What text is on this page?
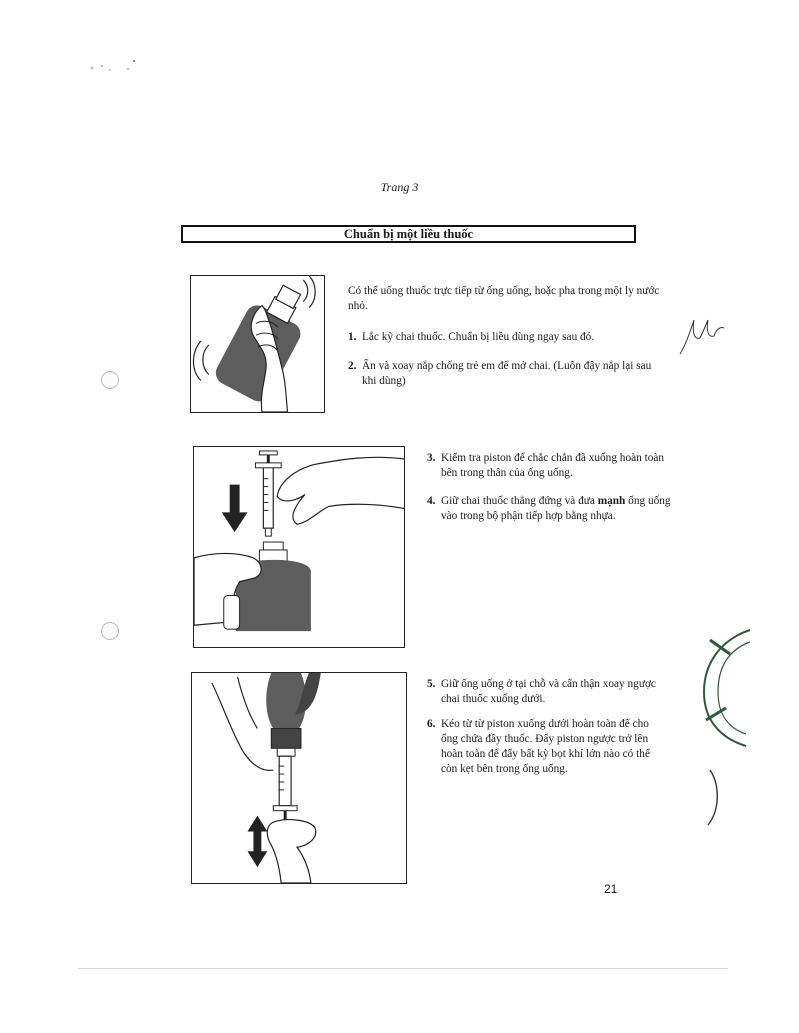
Trang 3
Chuẩn bị một liều thuốc
Có thể uống thuốc trực tiếp từ ống uống, hoặc pha trong một ly nước nhỏ.
1. Lắc kỹ chai thuốc. Chuẩn bị liều dùng ngay sau đó.
2. Ấn và xoay nắp chống trẻ em để mở chai. (Luôn đậy nắp lại sau khi dùng)
3. Kiểm tra piston để chắc chắn đã xuống hoàn toàn bên trong thân của ống uống.
4. Giữ chai thuốc thẳng đứng và đưa mạnh ống uống vào trong bộ phận tiếp hợp bằng nhựa.
5. Giữ ống uống ở tại chỗ và cẩn thận xoay ngược chai thuốc xuống dưới.
6. Kéo từ từ piston xuống dưới hoàn toàn để cho ống chứa đầy thuốc. Đẩy piston ngược trở lên hoàn toàn để đẩy bất kỳ bọt khí lớn nào có thể còn kẹt bên trong ống uống.
21
